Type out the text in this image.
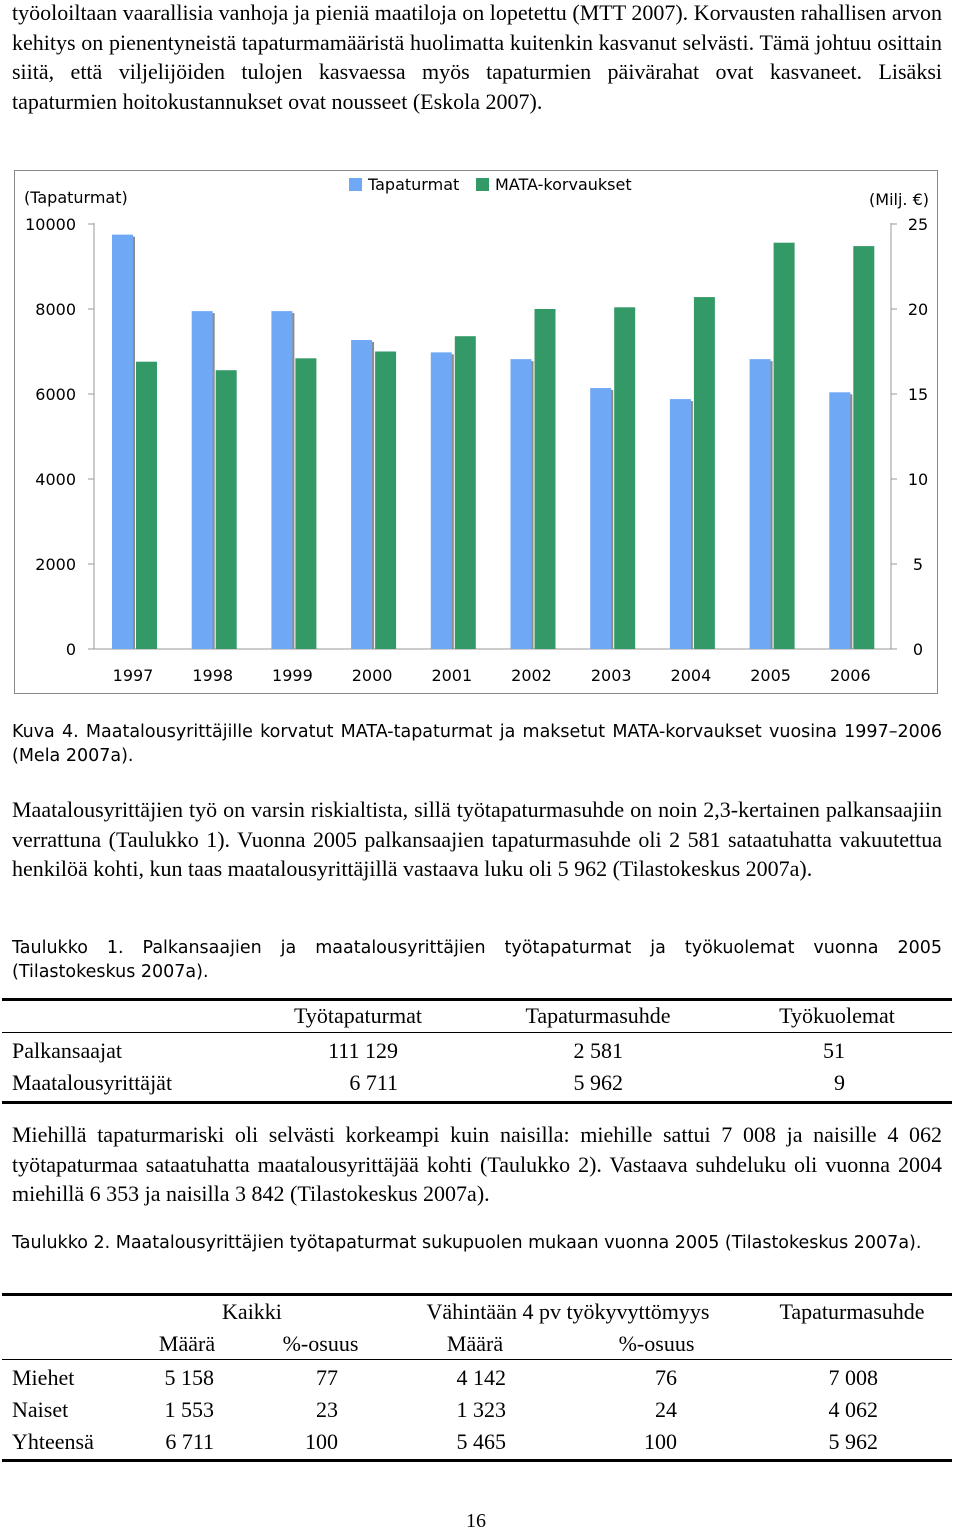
työoloiltaan vaarallisia vanhoja ja pieniä maatiloja on lopetettu (MTT 2007). Korvausten rahallisen arvon kehitys on pienentyneistä tapaturmamääristä huolimatta kuitenkin kasvanut selvästi. Tämä johtuu osittain siitä, että viljelijöiden tulojen kasvaessa myös tapaturmien päivärahat ovat kasvaneet. Lisäksi tapaturmien hoitokustannukset ovat nousseet (Eskola 2007).

(Tapaturmat)	(Milj. €)
10000
8000
6000
4000
2000
0
25
20
15
10
5
0
1997 1998 1999 2000 2001 2002 2003 2004 2005 2006
Tapaturmat MATA-korvaukset
Kuva 4. Maatalousyrittäjille korvatut MATA-tapaturmat ja maksetut MATA-korvaukset vuosina 1997–2006 (Mela 2007a).

Maatalousyrittäjien työ on varsin riskialtista, sillä työtapaturmasuhde on noin 2,3-kertainen palkansaajiin verrattuna (Taulukko 1). Vuonna 2005 palkansaajien tapaturmasuhde oli 2 581 sataatuhatta vakuutettua henkilöä kohti, kun taas maatalousyrittäjillä vastaava luku oli 5 962 (Tilastokeskus 2007a).

Taulukko 1. Palkansaajien ja maatalousyrittäjien työtapaturmat ja työkuolemat vuonna 2005 (Tilastokeskus 2007a).
Työtapaturmat	Tapaturmasuhde	Työkuolemat
Palkansaajat	111 129	2 581	51
Maatalousyrittäjät	6 711	5 962	9

Miehillä tapaturmariski oli selvästi korkeampi kuin naisilla: miehille sattui 7 008 ja naisille 4 062 työtapaturmaa sataatuhatta maatalousyrittäjää kohti (Taulukko 2). Vastaava suhdeluku oli vuonna 2004 miehillä 6 353 ja naisilla 3 842 (Tilastokeskus 2007a).

Taulukko 2. Maatalousyrittäjien työtapaturmat sukupuolen mukaan vuonna 2005 (Tilastokeskus 2007a).
Kaikki	Vähintään 4 pv työkyvyttömyys	Tapaturmasuhde
Määrä	%-osuus	Määrä	%-osuus
Miehet	5 158	77	4 142	76	7 008
Naiset	1 553	23	1 323	24	4 062
Yhteensä	6 711	100	5 465	100	5 962
16
